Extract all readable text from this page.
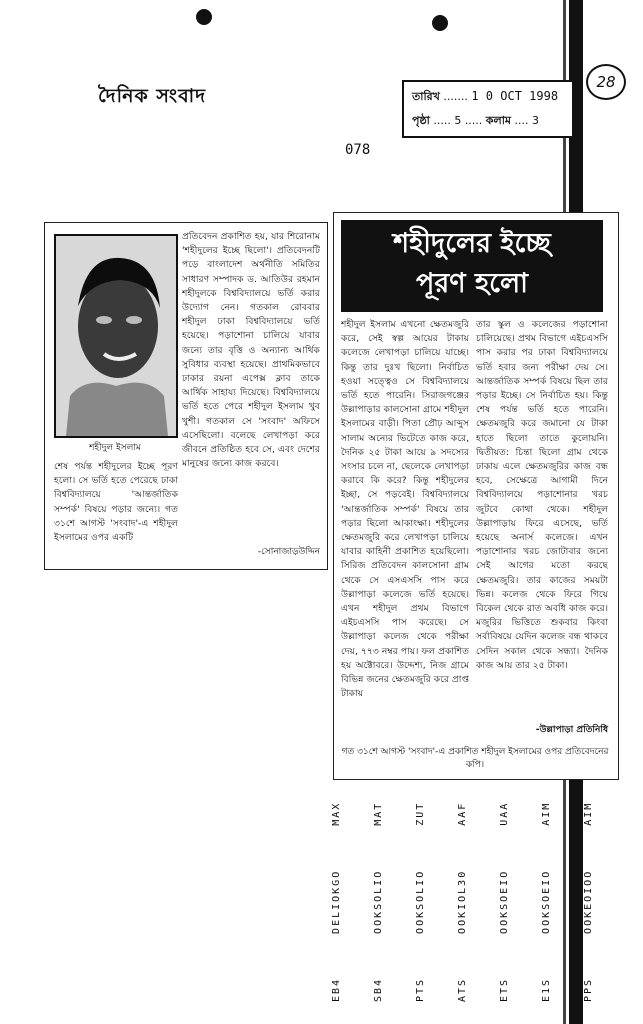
দৈনিক সংবাদ	তারিখ ....... 1 0 OCT 1998
পৃষ্ঠা ..... 5 ..... কলাম .... 3
28
078
শহীদুল ইসলাম
শেষ পর্যন্ত শহীদুলের ইচ্ছে পূরণ হলো। সে ভর্তি হতে পেরেছে ঢাকা বিশ্ববিদ্যালয়ে 'আন্তর্জাতিক সম্পর্ক' বিষয়ে পড়ার জন্যে। গত ৩১শে আগস্ট 'সংবাদ'-এ শহীদুল ইসলামের ওপর একটি
প্রতিবেদন প্রকাশিত হয়, যার শিরোনাম 'শহীদুলের ইচ্ছে ছিলো'। প্রতিবেদনটি পড়ে বাংলাদেশ অর্থনীতি সমিতির সাধারণ সম্পাদক ড. আতিউর রহমান শহীদুলকে বিশ্ববিদ্যালয়ে ভর্তি করার উদ্যোগ নেন। গতকাল রোববার শহীদুল ঢাকা বিশ্ববিদ্যালয়ে ভর্তি হয়েছে। পড়াশোনা চালিয়ে যাবার জন্যে তার বৃত্তি ও অন্যান্য আর্থিক সুবিধার ব্যবস্থা হয়েছে। প্রাথমিকভাবে ঢাকার রয়না এপেক্স ক্লাব তাকে আর্থিক সাহায্য দিয়েছে। বিশ্ববিদ্যালয়ে ভর্তি হতে পেরে শহীদুল ইসলাম খুব খুশী। গতকাল সে 'সংবাদ' অফিসে এসেছিলো। বলেছে লেখাপড়া করে জীবনে প্রতিষ্ঠিত হবে সে, এবং দেশের মানুষের জন্যে কাজ করবে।
-সোনাজাড়উদ্দিন
শহীদুলের ইচ্ছে
পূরণ হলো
শহীদুল ইসলাম এখনো ক্ষেতমজুরি করে, সেই স্বল্প আয়ের টাকায় কলেজে লেখাপড়া চালিয়ে যাচ্ছে। কিন্তু তার দুঃখ ছিলো। নির্বাচিত হওয়া সত্ত্বেও সে বিশ্ববিদ্যালয়ে ভর্তি হতে পারেনি। সিরাজগঞ্জের উল্লাপাড়ার কালসোনা গ্রামে শহীদুল ইসলামের বাড়ী। পিতা প্রৌঢ় আব্দুস সালাম অন্যের ভিটেতে কাজ করে, দৈনিক ২৫ টাকা আয়ে ৯ সদস্যের সংসার চলে না, ছেলেকে লেখাপড়া করাবে কি করে? কিন্তু শহীদুলের ইচ্ছা, সে পড়বেই। বিশ্ববিদ্যালয়ে 'আন্তর্জাতিক সম্পর্ক' বিষয়ে তার পড়ার ছিলো আকাংক্ষা। শহীদুলের ক্ষেতমজুরি করে লেখাপড়া চালিয়ে যাবার কাহিনী প্রকাশিত হয়েছিলো। সিরিজ প্রতিবেদন কালসোনা গ্রাম থেকে সে এসএসসি পাস করে উল্লাপাড়া কলেজে ভর্তি হয়েছে। এখন শহীদুল প্রথম বিভাগে এইচএসসি পাস করেছে। সে উল্লাপাড়া কলেজ থেকে পরীক্ষা দেয়, ৭৭৩ নম্বর পায়। ফল প্রকাশিত হয় অক্টোবরে। উদ্দেশ্য, নিজ গ্রামে বিভিন্ন জনের ক্ষেতমজুরি করে প্রাপ্ত টাকায়
তার স্কুল ও কলেজের পড়াশোনা চালিয়েছে। প্রথম বিভাগে এইচএসসি পাস করার পর ঢাকা বিশ্ববিদ্যালয়ে ভর্তি হবার জন্য পরীক্ষা দেয় সে। আন্তর্জাতিক সম্পর্ক বিষয়ে ছিল তার পড়ার ইচ্ছে। সে নির্বাচিত হয়। কিন্তু শেষ পর্যন্ত ভর্তি হতে পারেনি। ক্ষেতমজুরি করে জমানো যে টাকা হাতে ছিলো তাতে কুলোয়নি। দ্বিতীয়ত: চিন্তা ছিলো গ্রাম থেকে ঢাকায় এলে ক্ষেতমজুরির কাজ বন্ধ হবে, সেক্ষেত্রে আগামী দিনে বিশ্ববিদ্যালয়ে পড়াশোনার খরচ জুটবে কোথা থেকে। শহীদুল উল্লাপাড়ায় ফিরে এসেছে, ভর্তি হয়েছে অনার্স কলেজে। এখন পড়াশোনার খরচ জোটাবার জন্যে সেই আগের মতো করছে ক্ষেতমজুরি। তার কাজের সময়টা ভিন্ন। কলেজ থেকে ফিরে গিয়ে বিকেল থেকে রাত অবধি কাজ করে। মজুরির ভিত্তিতে শুকবার কিংবা সর্বাবিষয়ে যেদিন কলেজ বন্ধ থাকবে সেদিন সকাল থেকে সন্ধ্যা। দৈনিক কাজ আয় তার ২৫ টাকা।
-উল্লাপাড়া প্রতিনিধি
গত ৩১শে আগস্ট 'সংবাদ'-এ প্রকাশিত শহীদুল ইসলামের ওপর প্রতিবেদনের কপি।
EB4DELIOKGOMAX
SB4OOKSOLIOMAT
PTSOOKSOLIOZUT
ATSOOKIOL30AAF
ETSOOKSOEIOUAA
E1SOOKSOEIOAIM
PPSOOKEOIOOAIM
